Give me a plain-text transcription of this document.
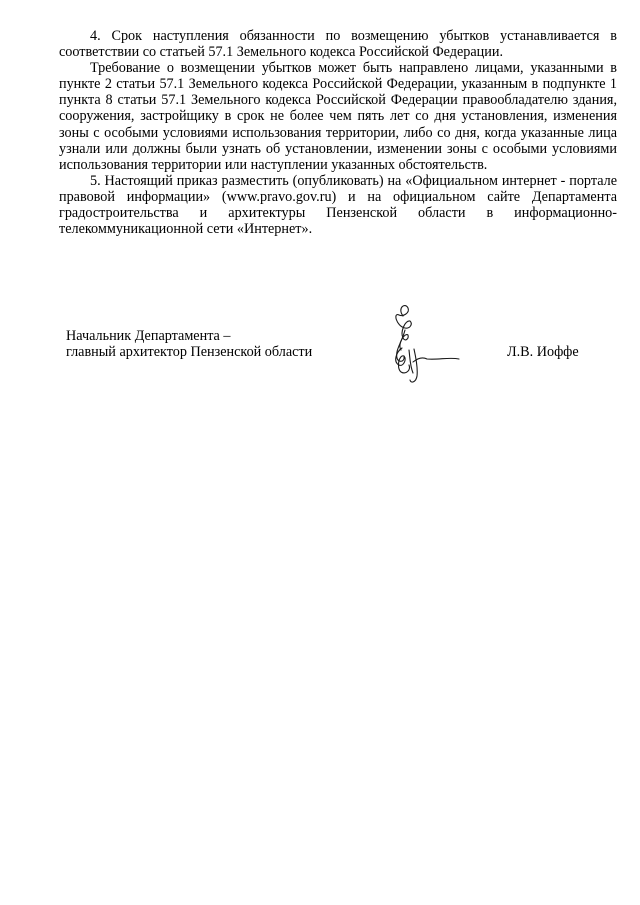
4. Срок наступления обязанности по возмещению убытков устанавливается в соответствии со статьей 57.1 Земельного кодекса Российской Федерации.

Требование о возмещении убытков может быть направлено лицами, указанными в пункте 2 статьи 57.1 Земельного кодекса Российской Федерации, указанным в подпункте 1 пункта 8 статьи 57.1 Земельного кодекса Российской Федерации правообладателю здания, сооружения, застройщику в срок не более чем пять лет со дня установления, изменения зоны с особыми условиями использования территории, либо со дня, когда указанные лица узнали или должны были узнать об установлении, изменении зоны с особыми условиями использования территории или наступлении указанных обстоятельств.

5. Настоящий приказ разместить (опубликовать) на «Официальном интернет - портале правовой информации» (www.pravo.gov.ru) и на официальном сайте Департамента градостроительства и архитектуры Пензенской области в информационно-телекоммуникационной сети «Интернет».

Начальник Департамента –
главный архитектор Пензенской области	Л.В. Иоффе
